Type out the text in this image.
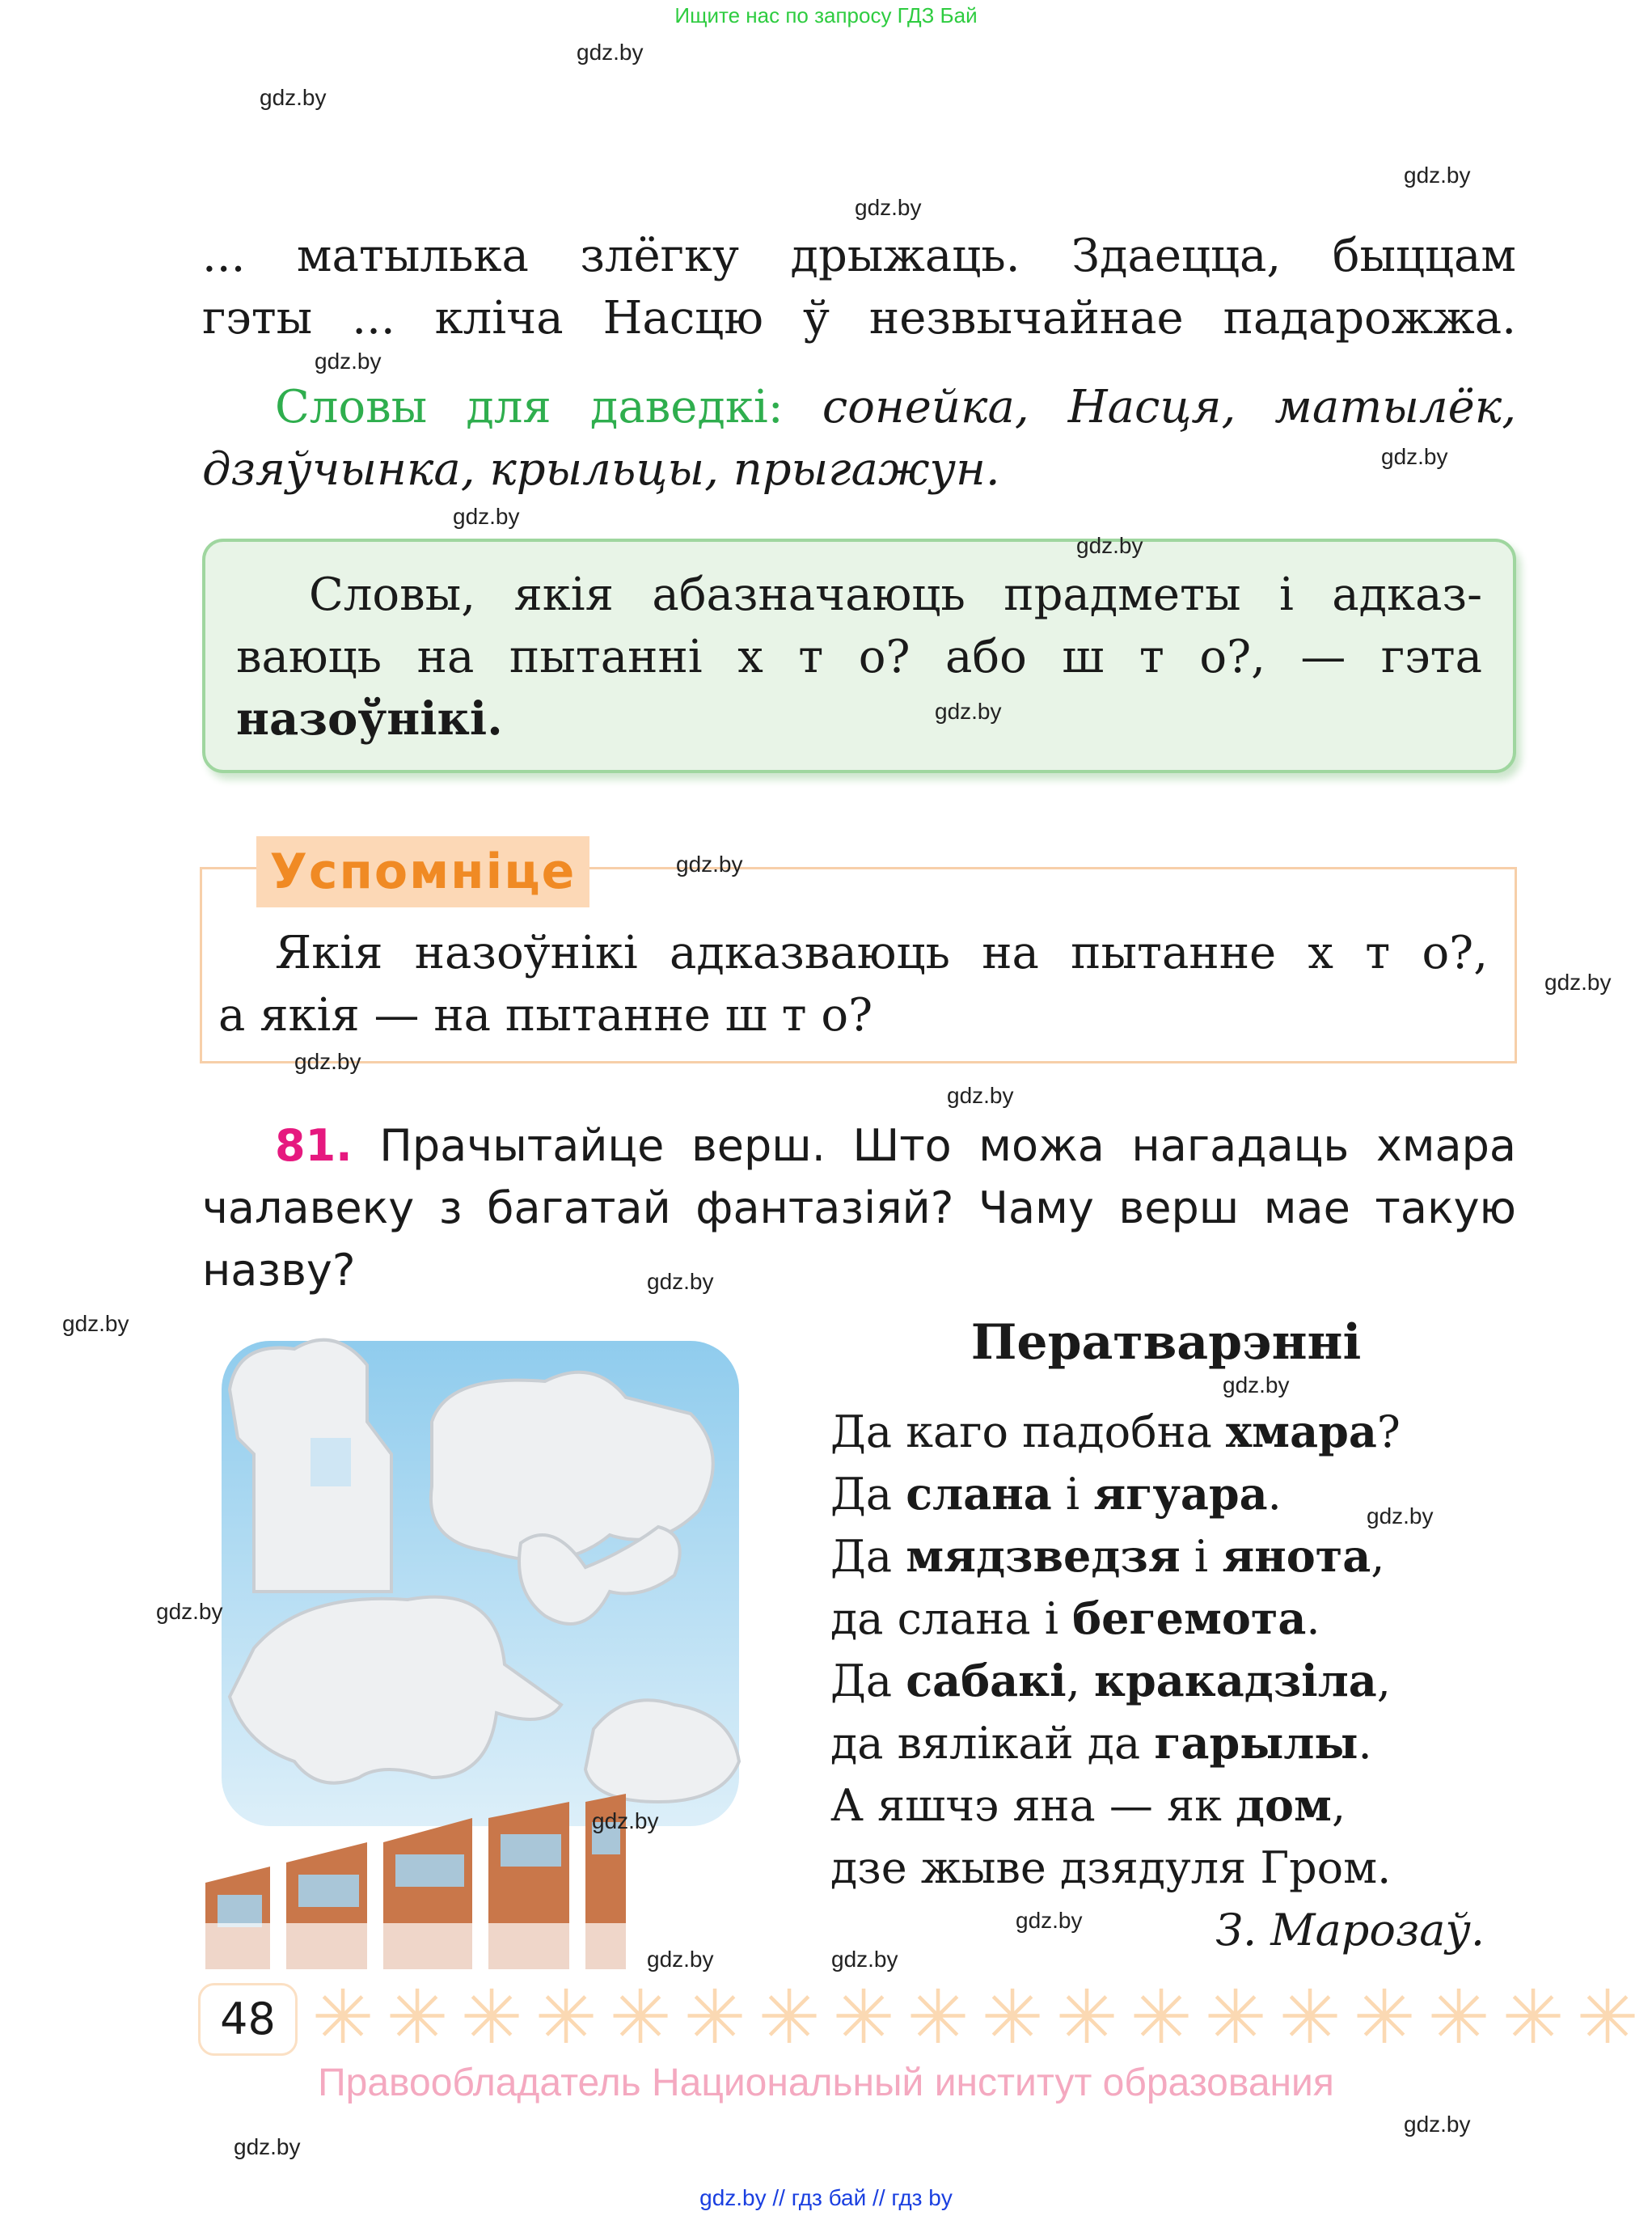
Ищите нас по запросу ГДЗ Бай
... матылька злёгку дрыжаць. Здаецца, быццам
гэты ... кліча Насцю ў незвычайнае падарожжа.
Словы для даведкі: сонейка, Насця, матылёк,
дзяўчынка, крыльцы, прыгажун.
Словы, якія абазначаюць прадметы і адказ-
ваюць на пытанні х т о? або ш т о?, — гэта
назоўнікі.
Успомніце
Якія назоўнікі адказваюць на пытанне х т о?,
а якія — на пытанне ш т о?
81. Прачытайце верш. Што можа нагадаць хмара
чалавеку з багатай фантазіяй? Чаму верш мае такую
назву?
Ператварэнні
Да каго падобна хмара?
Да слана і ягуара.
Да мядзведзя і янота,
да слана і бегемота.
Да сабакі, кракадзіла,
да вялікай да гарылы.
А яшчэ яна — як дом,
дзе жыве дзядуля Гром.
З. Марозаў.
✳ ✳ ✳ ✳ ✳ ✳ ✳ ✳ ✳ ✳ ✳ ✳ ✳ ✳ ✳ ✳ ✳ ✳
48
Правообладатель Национальный институт образования
gdz.by // гдз бай // гдз by
gdz.by
gdz.by
gdz.by
gdz.by
gdz.by
gdz.by
gdz.by
gdz.by
gdz.by
gdz.by
gdz.by
gdz.by
gdz.by
gdz.by
gdz.by
gdz.by
gdz.by
gdz.by
gdz.by
gdz.by
gdz.by
gdz.by
gdz.by
gdz.by
